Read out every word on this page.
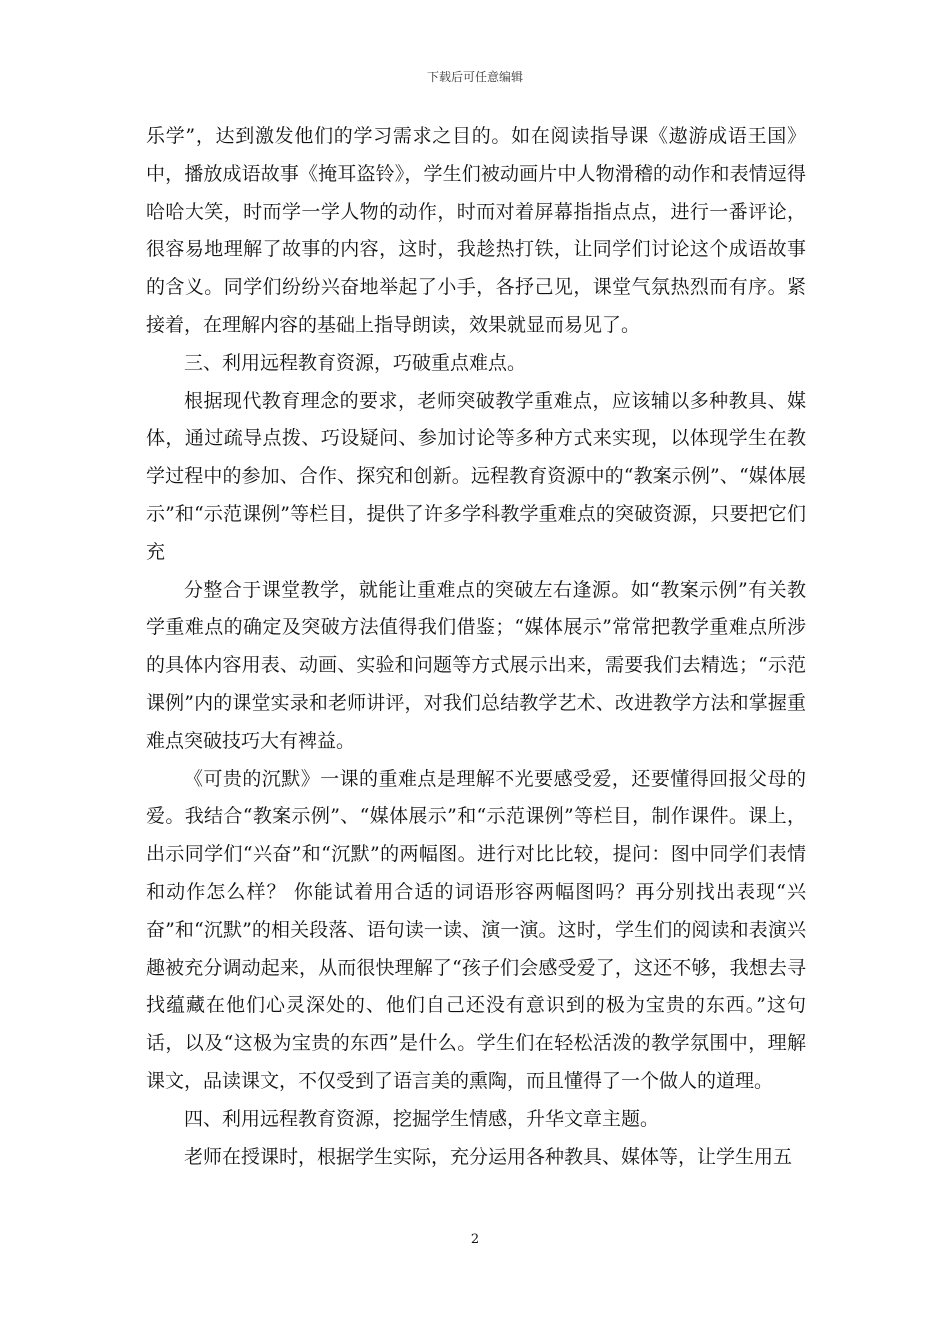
下载后可任意编辑

乐学”，达到激发他们的学习需求之目的。如在阅读指导课《遨游成语王国》中，播放成语故事《掩耳盗铃》，学生们被动画片中人物滑稽的动作和表情逗得哈哈大笑，时而学一学人物的动作，时而对着屏幕指指点点，进行一番评论，很容易地理解了故事的内容，这时，我趁热打铁，让同学们讨论这个成语故事的含义。同学们纷纷兴奋地举起了小手，各抒己见，课堂气氛热烈而有序。紧接着，在理解内容的基础上指导朗读，效果就显而易见了。

三、利用远程教育资源，巧破重点难点。

根据现代教育理念的要求，老师突破教学重难点，应该辅以多种教具、媒体，通过疏导点拨、巧设疑问、参加讨论等多种方式来实现，以体现学生在教学过程中的参加、合作、探究和创新。远程教育资源中的“教案示例”、“媒体展示”和“示范课例”等栏目，提供了许多学科教学重难点的突破资源，只要把它们充

分整合于课堂教学，就能让重难点的突破左右逢源。如“教案示例”有关教学重难点的确定及突破方法值得我们借鉴；“媒体展示”常常把教学重难点所涉的具体内容用表、动画、实验和问题等方式展示出来，需要我们去精选；“示范课例”内的课堂实录和老师讲评，对我们总结教学艺术、改进教学方法和掌握重难点突破技巧大有裨益。

《可贵的沉默》一课的重难点是理解不光要感受爱，还要懂得回报父母的爱。我结合“教案示例”、“媒体展示”和“示范课例”等栏目，制作课件。课上，出示同学们“兴奋”和“沉默”的两幅图。进行对比比较，提问：图中同学们表情和动作怎么样？ 你能试着用合适的词语形容两幅图吗？再分别找出表现“兴奋”和“沉默”的相关段落、语句读一读、演一演。这时，学生们的阅读和表演兴趣被充分调动起来，从而很快理解了“孩子们会感受爱了，这还不够，我想去寻找蕴藏在他们心灵深处的、他们自己还没有意识到的极为宝贵的东西。”这句话，以及“这极为宝贵的东西”是什么。学生们在轻松活泼的教学氛围中，理解课文，品读课文，不仅受到了语言美的熏陶，而且懂得了一个做人的道理。

四、利用远程教育资源，挖掘学生情感，升华文章主题。

老师在授课时，根据学生实际，充分运用各种教具、媒体等，让学生用五

2
